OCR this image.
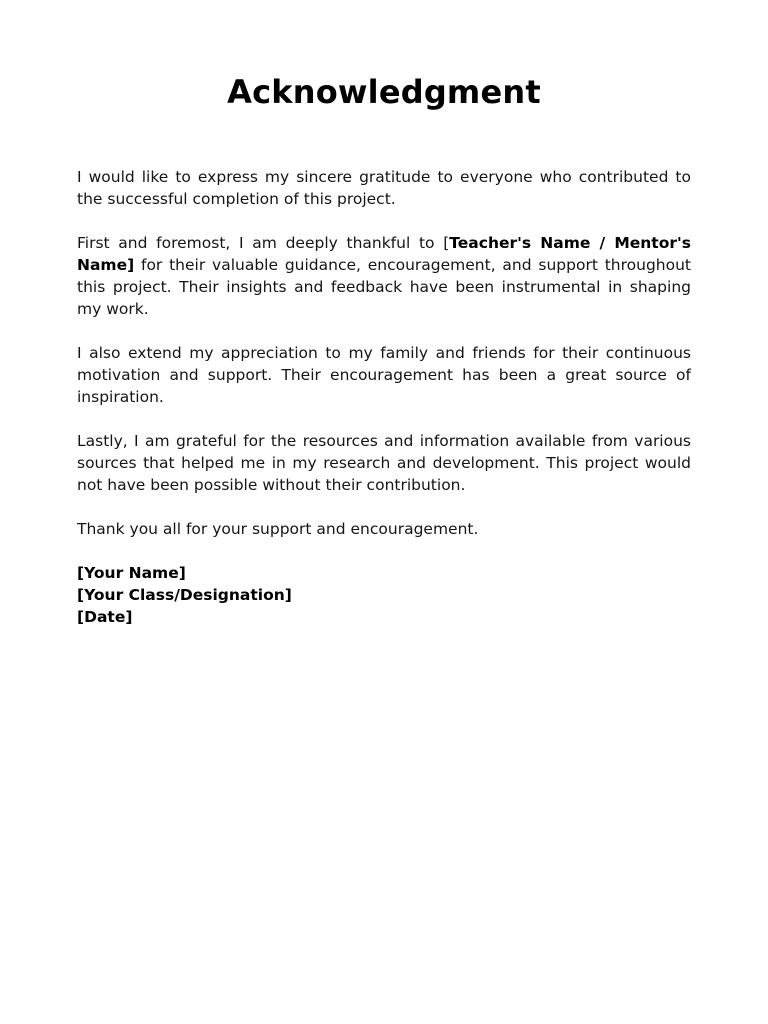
Acknowledgment

I would like to express my sincere gratitude to everyone who contributed to the successful completion of this project.

First and foremost, I am deeply thankful to [Teacher's Name / Mentor's Name] for their valuable guidance, encouragement, and support throughout this project. Their insights and feedback have been instrumental in shaping my work.

I also extend my appreciation to my family and friends for their continuous motivation and support. Their encouragement has been a great source of inspiration.

Lastly, I am grateful for the resources and information available from various sources that helped me in my research and development. This project would not have been possible without their contribution.

Thank you all for your support and encouragement.

[Your Name]
[Your Class/Designation]
[Date]
